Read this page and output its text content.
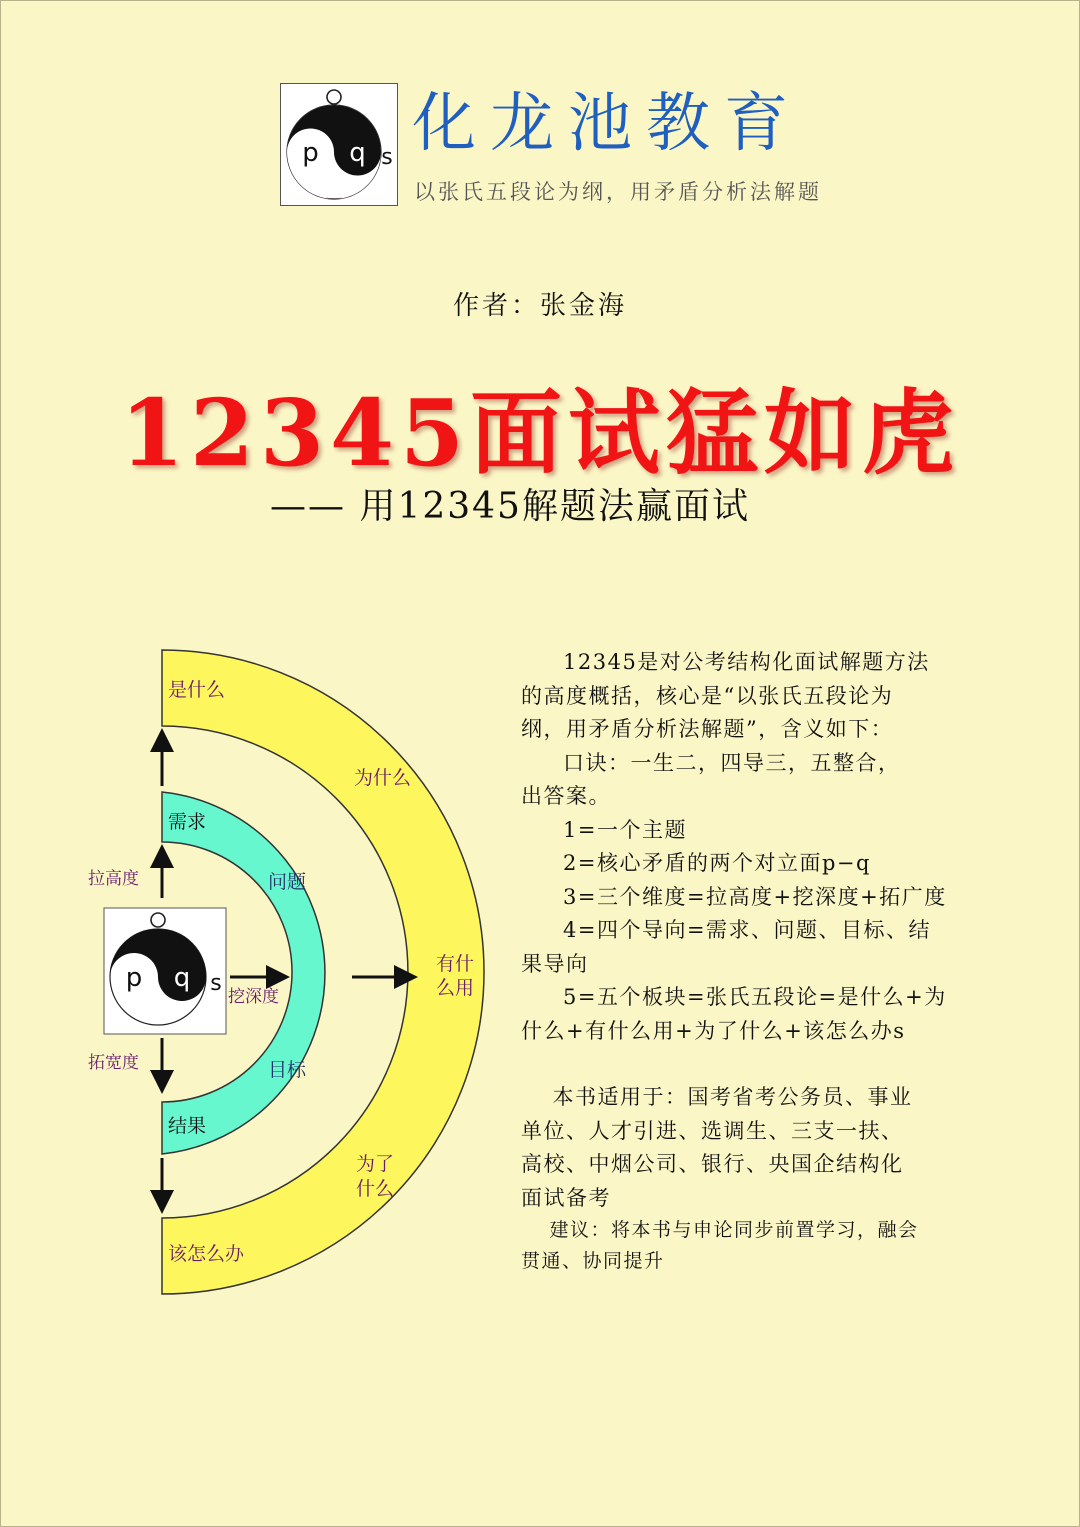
p q s 化龙池教育
以张氏五段论为纲，用矛盾分析法解题
作者：张金海
12345面试猛如虎
—— 用12345解题法赢面试
p q s
是什么
为什么
有什
么用
为了
什么
该怎么办
需求
问题
目标
结果
拉高度
挖深度
拓宽度

12345是对公考结构化面试解题方法

的高度概括，核心是“以张氏五段论为

纲，用矛盾分析法解题”，含义如下：

口诀：一生二，四导三，五整合，

出答案。

1=一个主题

2=核心矛盾的两个对立面p−q

3=三个维度=拉高度+挖深度+拓广度

4=四个导向=需求、问题、目标、结

果导向

5=五个板块=张氏五段论=是什么+为

什么+有什么用+为了什么+该怎么办s

本书适用于：国考省考公务员、事业

单位、人才引进、选调生、三支一扶、

高校、中烟公司、银行、央国企结构化

面试备考

建议：将本书与申论同步前置学习，融会

贯通、协同提升
